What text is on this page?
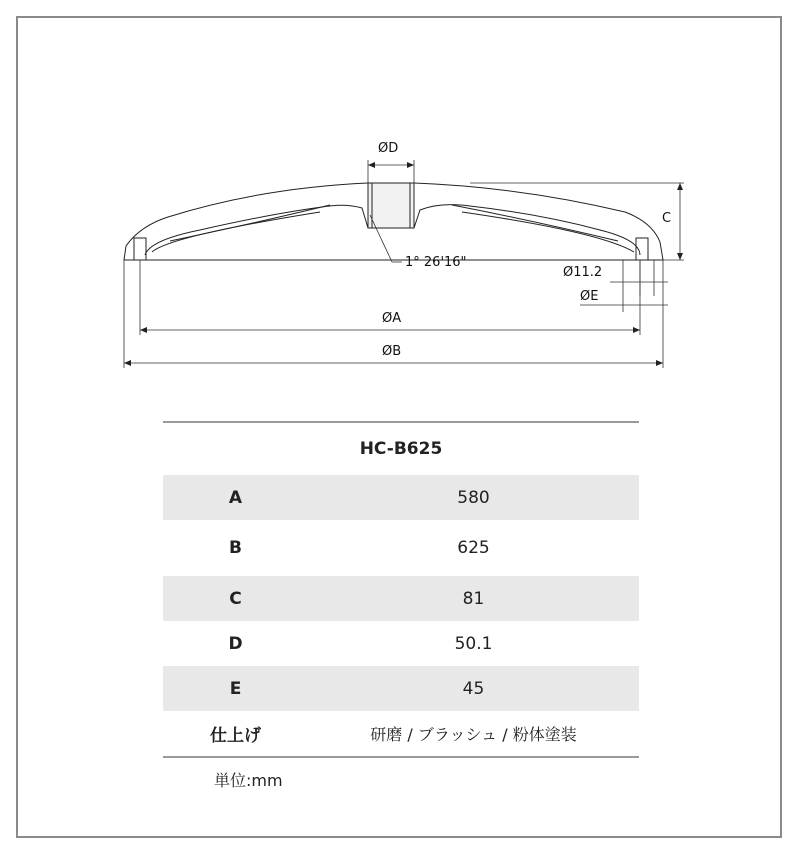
ØD
C
1° 26'16"
Ø11.2
ØE
ØA
ØB
HC-B625
A	580
B	625
C	81
D	50.1
E	45
仕上げ	研磨 / ブラッシュ / 粉体塗装
単位:mm
